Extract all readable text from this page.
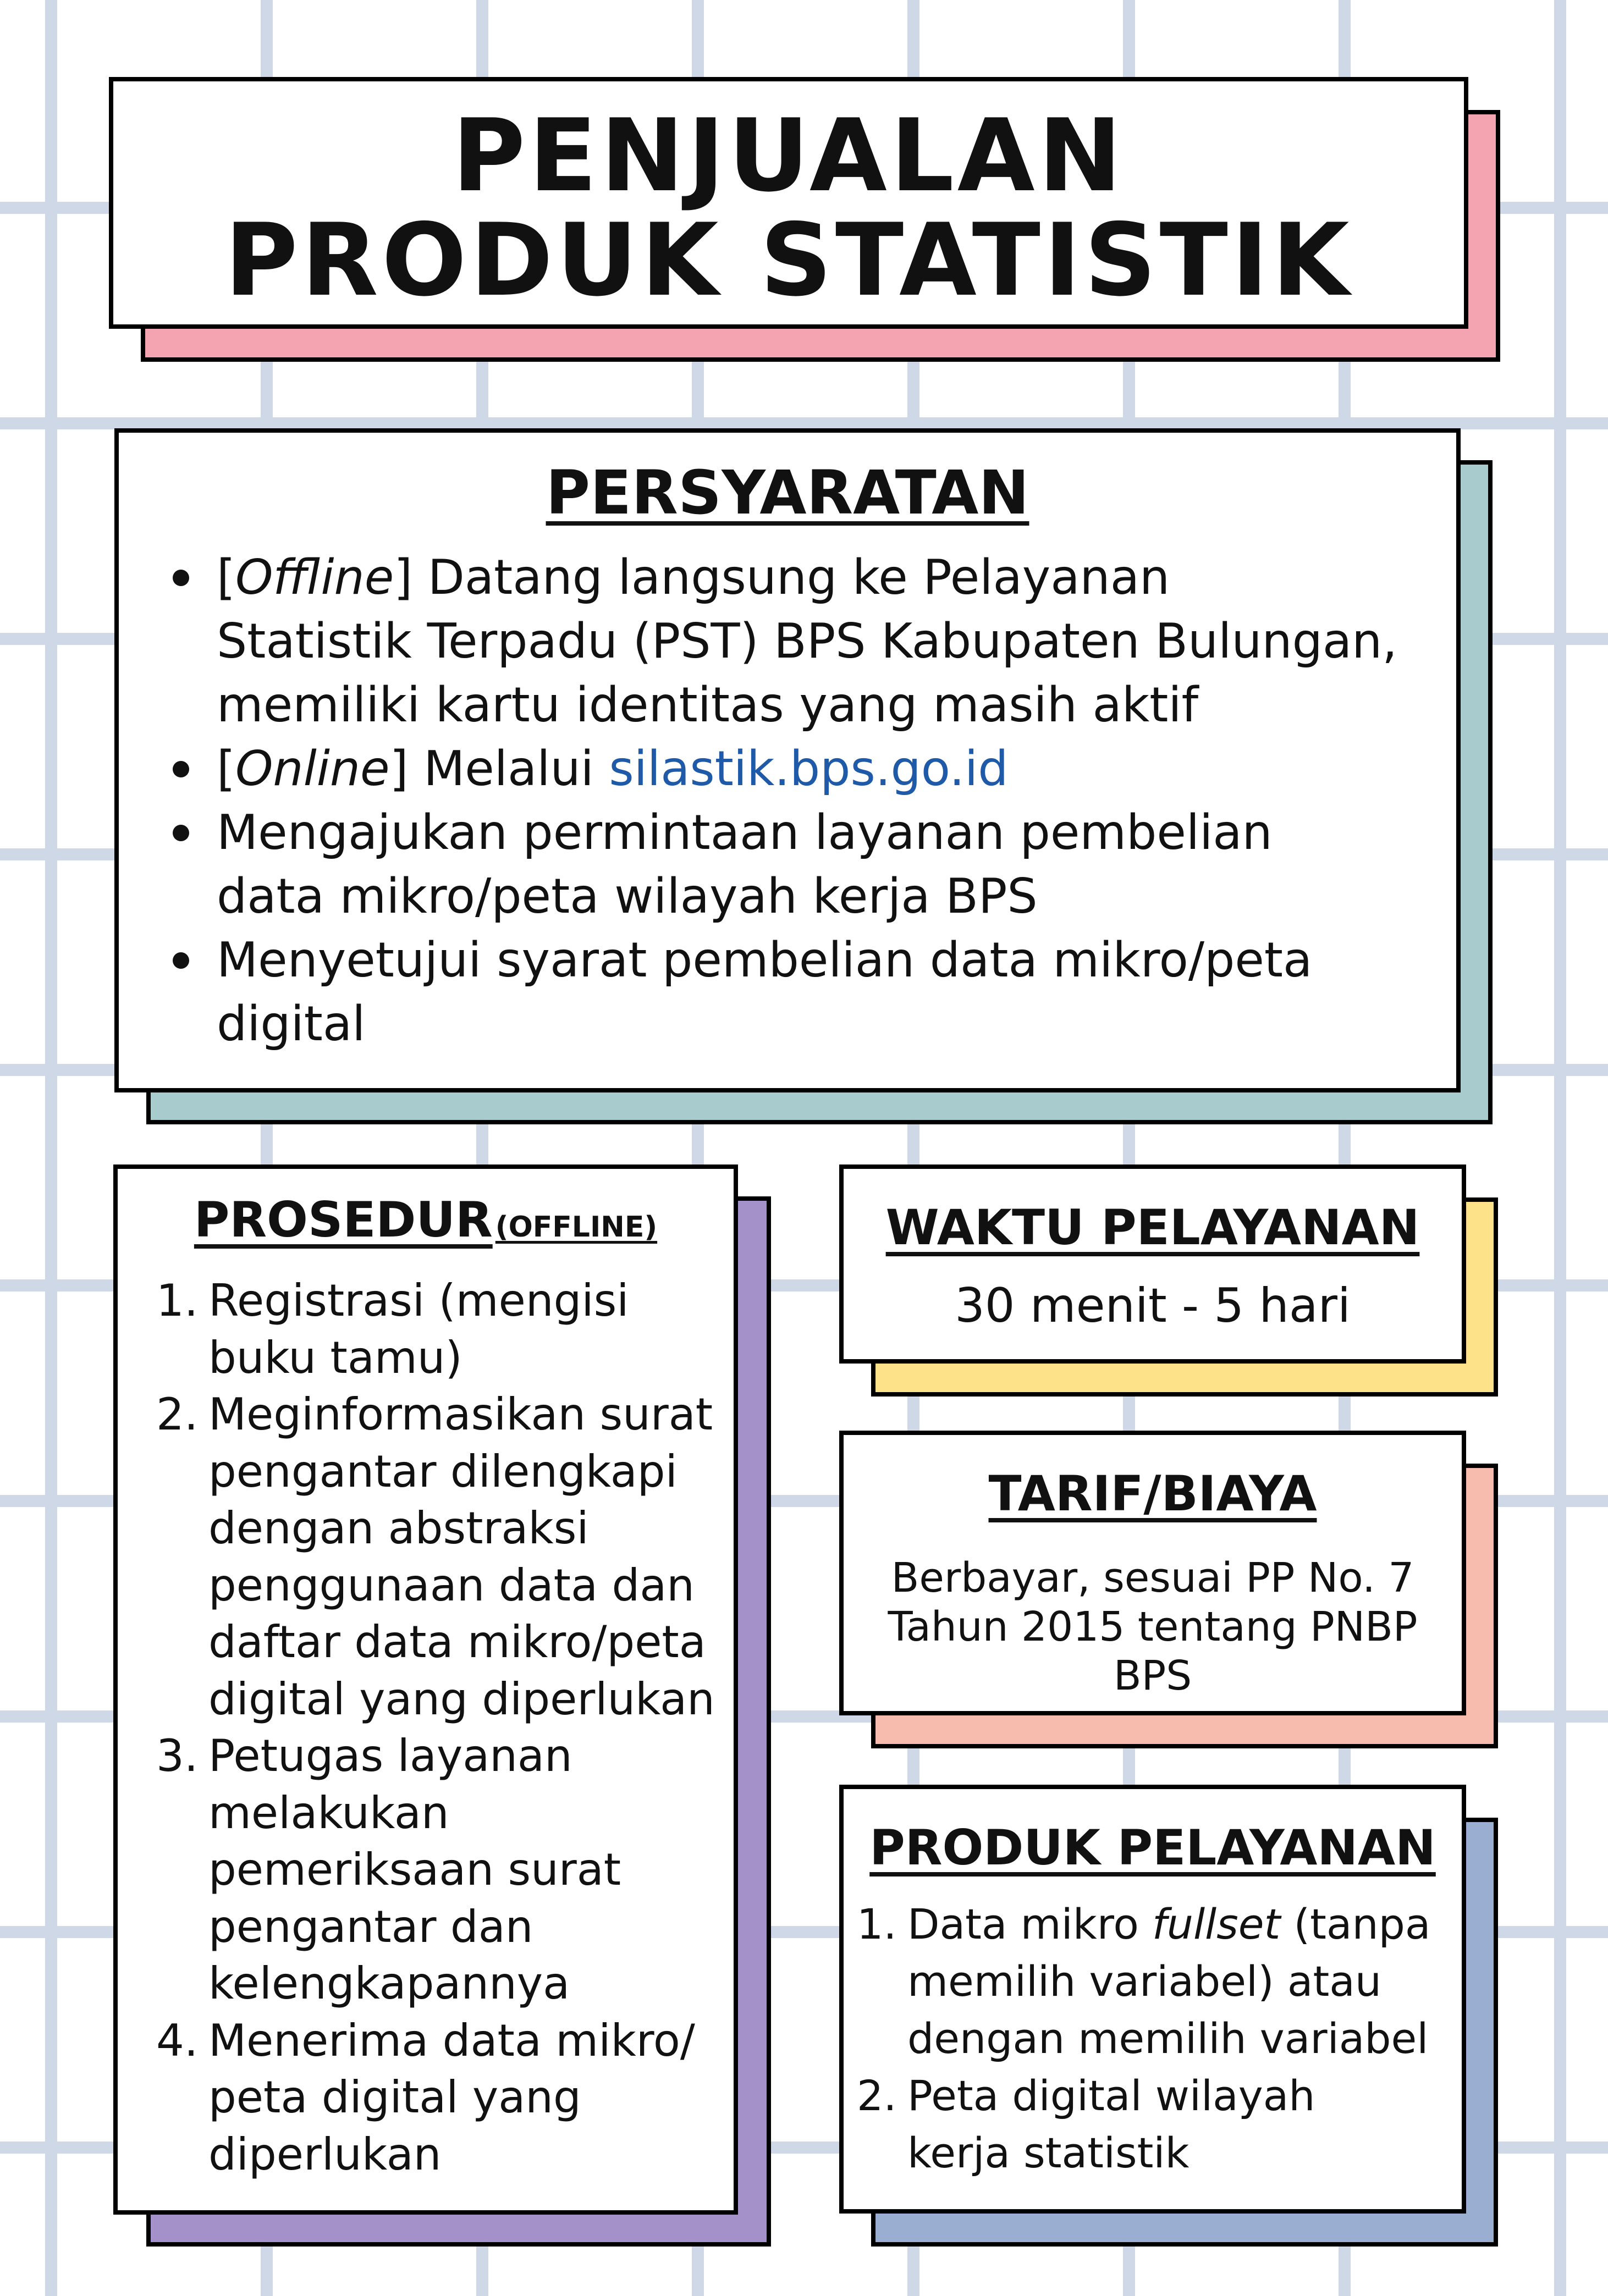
PENJUALAN
PRODUK STATISTIK
PERSYARATAN
[Offline] Datang langsung ke Pelayanan
Statistik Terpadu (PST) BPS Kabupaten Bulungan,
memiliki kartu identitas yang masih aktif
[Online] Melalui silastik.bps.go.id
Mengajukan permintaan layanan pembelian
data mikro/peta wilayah kerja BPS
Menyetujui syarat pembelian data mikro/peta
digital
PROSEDUR (OFFLINE)
1. Registrasi (mengisi
buku tamu)
2. Meginformasikan surat
pengantar dilengkapi
dengan abstraksi
penggunaan data dan
daftar data mikro/peta
digital yang diperlukan
3. Petugas layanan
melakukan
pemeriksaan surat
pengantar dan
kelengkapannya
4. Menerima data mikro/
peta digital yang
diperlukan
WAKTU PELAYANAN
30 menit - 5 hari
TARIF/BIAYA
Berbayar, sesuai PP No. 7
Tahun 2015 tentang PNBP
BPS
PRODUK PELAYANAN
1. Data mikro fullset (tanpa
memilih variabel) atau
dengan memilih variabel
2. Peta digital wilayah
kerja statistik
